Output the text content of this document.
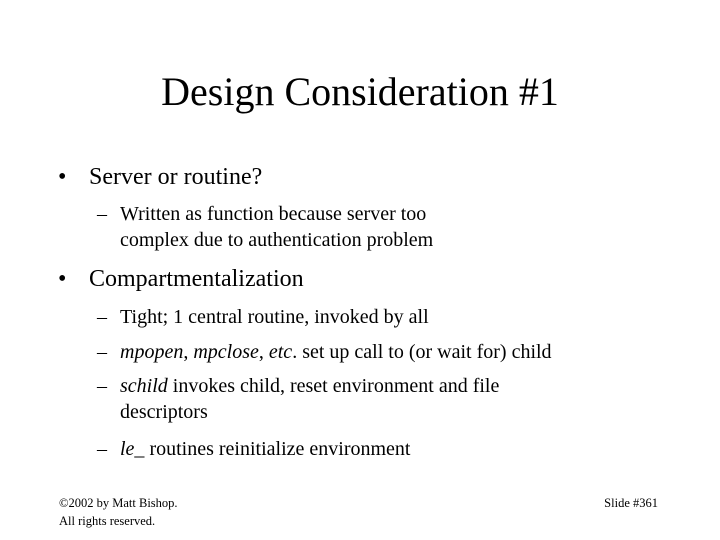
Design Consideration #1
• Server or routine?
– Written as function because server too
complex due to authentication problem
• Compartmentalization
– Tight; 1 central routine, invoked by all
– mpopen, mpclose, etc. set up call to (or wait for) child
– schild invokes child, reset environment and file
descriptors
– le_ routines reinitialize environment
©2002 by Matt Bishop.
All rights reserved.
Slide #361
